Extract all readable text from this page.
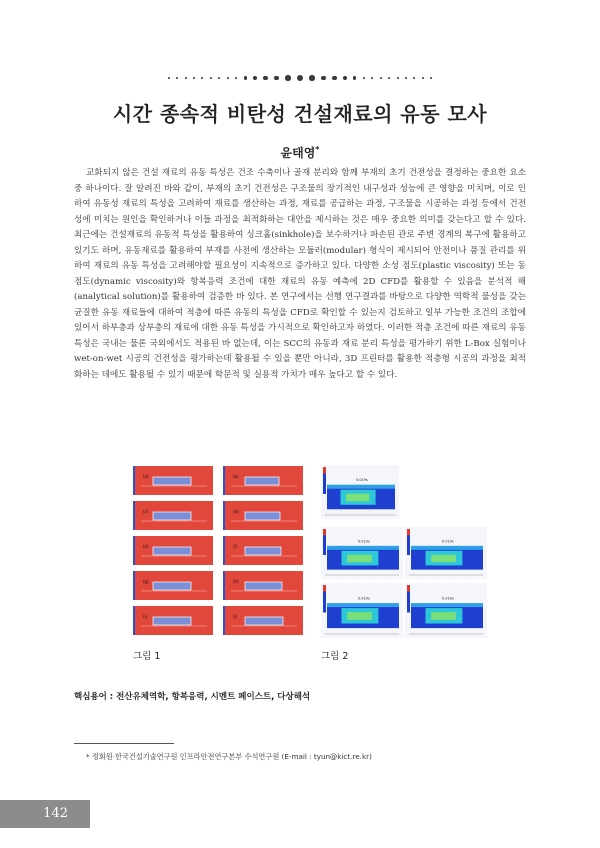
시간 종속적 비탄성 건설재료의 유동 모사
윤태영*

교화되지 않은 건설 재료의 유동 특성은 건조 수축이나 골재 분리와 함께 부재의 초기 건전성을 결정하는 중요한 요소 중 하나이다. 잘 알려진 바와 같이, 부재의 초기 건전성은 구조물의 장기적인 내구성과 성능에 큰 영향을 미치며, 이로 인하여 유동성 재료의 특성을 고려하여 재료를 생산하는 과정, 재료를 공급하는 과정, 구조물을 시공하는 과정 등에서 건전성에 미치는 원인을 확인하거나 이들 과정을 최적화하는 대안을 제시하는 것은 매우 중요한 의미를 갖는다고 할 수 있다. 최근에는 건설재료의 유동적 특성을 활용하여 싱크홀(sinkhole)을 보수하거나 파손된 관로 주변 경계의 복구에 활용하고 있기도 하며, 유동재료를 활용하여 부재를 사전에 생산하는 모듈러(modular) 형식이 제시되어 안전이나 품질 관리를 위하여 재료의 유동 특성을 고려해야할 필요성이 지속적으로 증가하고 있다. 다양한 소성 점도(plastic viscosity) 또는 동점도(dynamic viscosity)와 항복응력 조건에 대한 재료의 유동 예측에 2D CFD를 활용할 수 있음을 분석적 해(analytical solution)를 활용하여 검증한 바 있다. 본 연구에서는 선행 연구결과를 바탕으로 다양한 역학적 물성을 갖는 균질한 유동 재료들에 대하여 적층에 따른 유동의 특성을 CFD로 확인할 수 있는지 검토하고 일부 가능한 조건의 조합에 있어서 하부층과 상부층의 재료에 대한 유동 특성을 가시적으로 확인하고자 하였다. 이러한 적층 조건에 따른 재료의 유동 특성은 국내는 물론 국외에서도 적용된 바 없는데, 이는 SCC의 유동과 재료 분리 특성을 평가하기 위한 L-Box 실험이나 wet-on-wet 시공의 건전성을 평가하는데 활용될 수 있을 뿐만 아니라, 3D 프린터를 활용한 적층형 시공의 과정을 최적화하는 데에도 활용될 수 있기 때문에 학문적 및 실용적 가치가 매우 높다고 할 수 있다.

(a)	(b)
(c)	(d)
(e)	(f)
(g)	(h)
(i)	(j)
0.019s
0.019s	0.019s
0.019s	0.019s
그림 1	그림 2
핵심용어 : 전산유체역학, 항복응력, 시멘트 페이스트, 다상해석
* 정회원·한국건설기술연구원 인프라안전연구본부 수석연구원 (E-mail : tyun@kict.re.kr)
142
